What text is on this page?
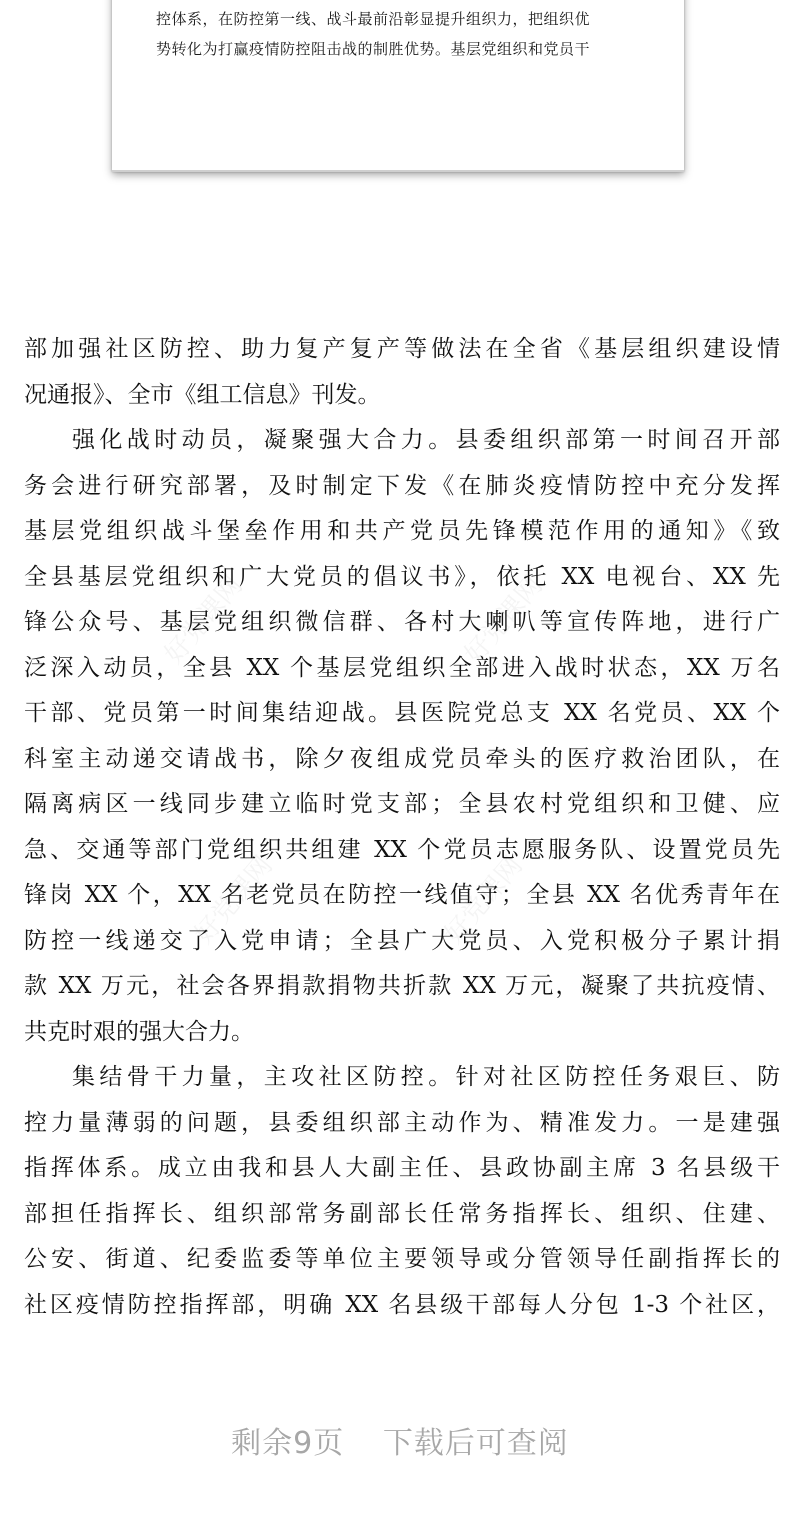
控体系，在防控第一线、战斗最前沿彰显提升组织力，把组织优
势转化为打赢疫情防控阻击战的制胜优势。基层党组织和党员干
好党课网	好党课网
好党课网	好党课网
部加强社区防控、助力复产复产等做法在全省《基层组织建设情
况通报》、全市《组工信息》刊发。
强化战时动员，凝聚强大合力。县委组织部第一时间召开部
务会进行研究部署，及时制定下发《在肺炎疫情防控中充分发挥
基层党组织战斗堡垒作用和共产党员先锋模范作用的通知》《致
全县基层党组织和广大党员的倡议书》，依托 XX 电视台、XX 先
锋公众号、基层党组织微信群、各村大喇叭等宣传阵地，进行广
泛深入动员，全县 XX 个基层党组织全部进入战时状态，XX 万名
干部、党员第一时间集结迎战。县医院党总支 XX 名党员、XX 个
科室主动递交请战书，除夕夜组成党员牵头的医疗救治团队，在
隔离病区一线同步建立临时党支部；全县农村党组织和卫健、应
急、交通等部门党组织共组建 XX 个党员志愿服务队、设置党员先
锋岗 XX 个，XX 名老党员在防控一线值守；全县 XX 名优秀青年在
防控一线递交了入党申请；全县广大党员、入党积极分子累计捐
款 XX 万元，社会各界捐款捐物共折款 XX 万元，凝聚了共抗疫情、
共克时艰的强大合力。
集结骨干力量，主攻社区防控。针对社区防控任务艰巨、防
控力量薄弱的问题，县委组织部主动作为、精准发力。一是建强
指挥体系。成立由我和县人大副主任、县政协副主席 3 名县级干
部担任指挥长、组织部常务副部长任常务指挥长、组织、住建、
公安、街道、纪委监委等单位主要领导或分管领导任副指挥长的
社区疫情防控指挥部，明确 XX 名县级干部每人分包 1-3 个社区，
剩余9页 下载后可查阅
